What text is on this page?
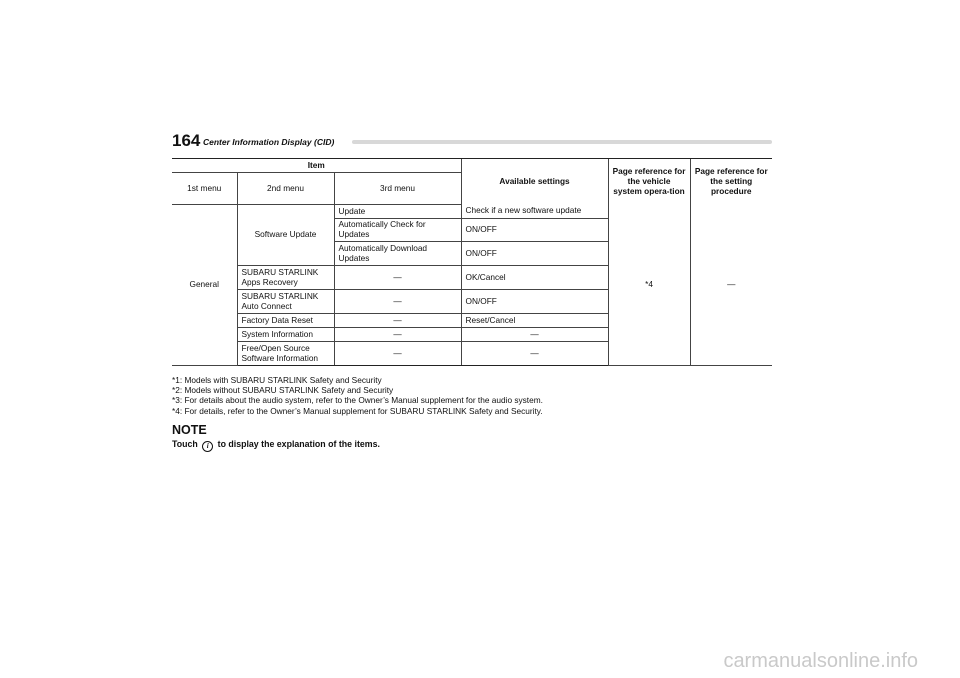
164 Center Information Display (CID)
Item			Available settings	Page reference for the vehicle system opera-tion	Page reference for the setting procedure
1st menu	2nd menu	3rd menu			
General	Software Update	Update	Check if a new software update	*4	—
		Automatically Check for Updates	ON/OFF		
		Automatically Download Updates	ON/OFF		
	SUBARU STARLINK Apps Recovery	—	OK/Cancel		
	SUBARU STARLINK Auto Connect	—	ON/OFF		
	Factory Data Reset	—	Reset/Cancel		
	System Information	—	—		
	Free/Open Source Software Information	—	—		
*1: Models with SUBARU STARLINK Safety and Security
*2: Models without SUBARU STARLINK Safety and Security
*3: For details about the audio system, refer to the Owner’s Manual supplement for the audio system.
*4: For details, refer to the Owner’s Manual supplement for SUBARU STARLINK Safety and Security.
NOTE
Touch i to display the explanation of the items.
carmanualsonline.info
